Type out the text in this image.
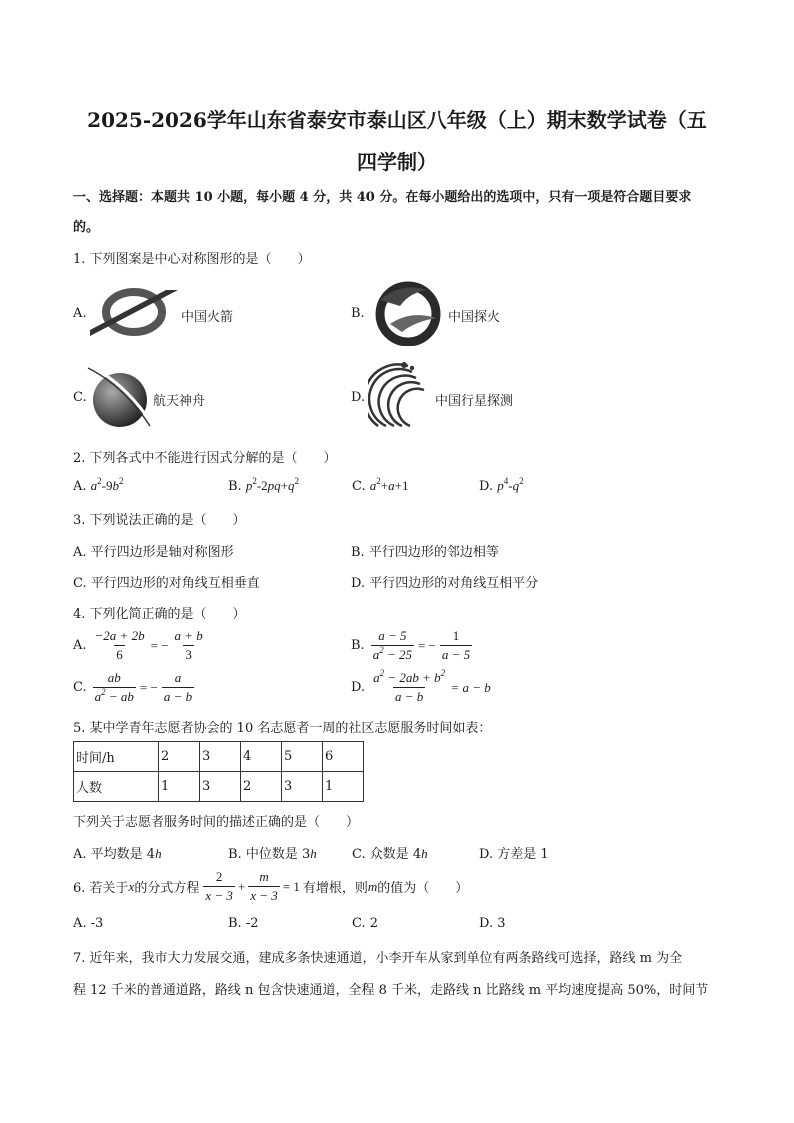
2025-2026学年山东省泰安市泰山区八年级（上）期末数学试卷（五
四学制）
一、选择题：本题共 10 小题，每小题 4 分，共 40 分。在每小题给出的选项中，只有一项是符合题目要求
的。
1. 下列图案是中心对称图形的是（　　）
A.	中国火箭	B.	中国探火
C.	航天神舟	D.	中国行星探测
2. 下列各式中不能进行因式分解的是（　　）
A. $a^2-9b^2$	B. $p^2-2pq+q^2$	C. $a^2+a+1$	D. $p^4-q^2$
3. 下列说法正确的是（　　）
A. 平行四边形是轴对称图形	B. 平行四边形的邻边相等
C. 平行四边形的对角线互相垂直	D. 平行四边形的对角线互相平分
4. 下列化简正确的是（　　）
A. $\frac{-2a + 2b}{6}$ = − $\frac{a + b}{3}$	B. $\frac{a - 5}{a^2 - 25}$ = − $\frac{1}{a - 5}$
C. $\frac{ab}{a^2 - ab}$ = − $\frac{a}{a - b}$	D. $\frac{a^2 - 2ab + b^2}{a - b} = a - b$
5. 某中学青年志愿者协会的 10 名志愿者一周的社区志愿服务时间如表：
时间/h	2	3	4	5	6
人数	1	3	2	3	1
下列关于志愿者服务时间的描述正确的是（　　）
A. 平均数是 4h	B. 中位数是 3h	C. 众数是 4h	D. 方差是 1
6. 若关于 x 的分式方程 $\frac{2}{x - 3} + \frac{m}{x - 3} = 1$ 有增根，则 m 的值为（　　）
A. -3	B. -2	C. 2	D. 3
7. 近年来，我市大力发展交通，建成多条快速通道，小李开车从家到单位有两条路线可选择，路线 m 为全
程 12 千米的普通道路，路线 n 包含快速通道，全程 8 千米，走路线 n 比路线 m 平均速度提高 50%，时间节
